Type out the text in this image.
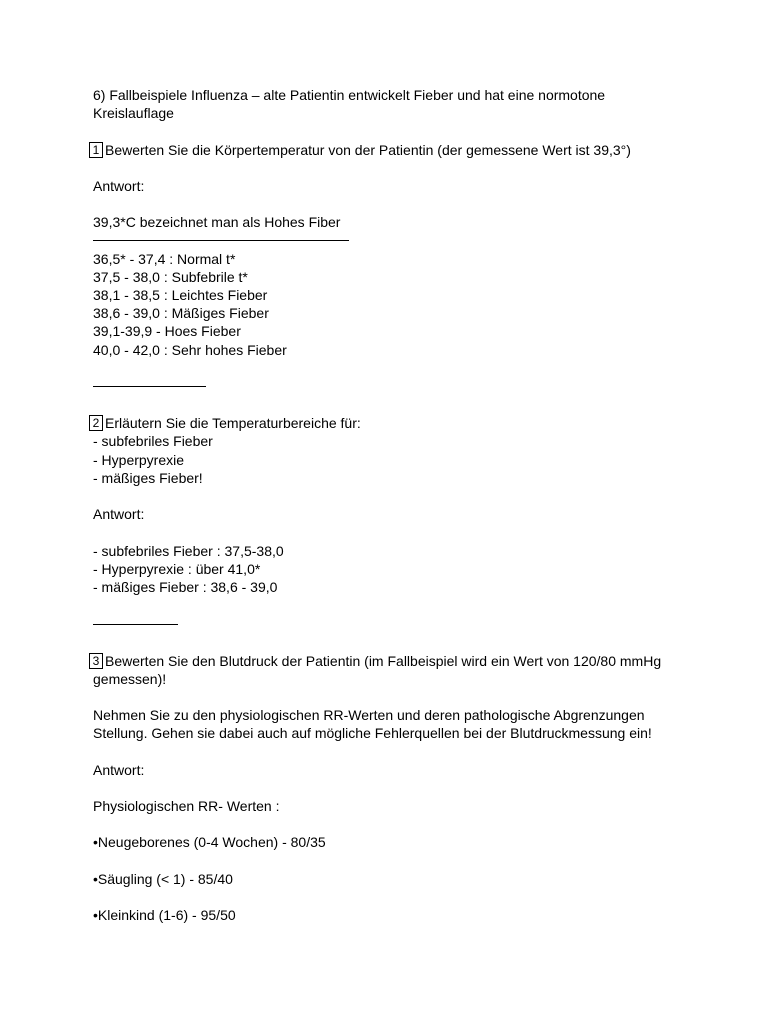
6) Fallbeispiele Influenza – alte Patientin entwickelt Fieber und hat eine normotone
Kreislauflage
1 Bewerten Sie die Körpertemperatur von der Patientin (der gemessene Wert ist 39,3°)
Antwort:
39,3*C bezeichnet man als Hohes Fiber
36,5* - 37,4 : Normal t*
37,5 - 38,0 : Subfebrile t*
38,1 - 38,5 : Leichtes Fieber
38,6 - 39,0 : Mäßiges Fieber
39,1-39,9 - Hoes Fieber
40,0 - 42,0 : Sehr hohes Fieber
2 Erläutern Sie die Temperaturbereiche für:
- subfebriles Fieber
- Hyperpyrexie
- mäßiges Fieber!
Antwort:
- subfebriles Fieber : 37,5-38,0
- Hyperpyrexie : über 41,0*
- mäßiges Fieber : 38,6 - 39,0
3 Bewerten Sie den Blutdruck der Patientin (im Fallbeispiel wird ein Wert von 120/80 mmHg
gemessen)!
Nehmen Sie zu den physiologischen RR-Werten und deren pathologische Abgrenzungen
Stellung. Gehen sie dabei auch auf mögliche Fehlerquellen bei der Blutdruckmessung ein!
Antwort:
Physiologischen RR- Werten :
•Neugeborenes (0-4 Wochen) - 80/35
•Säugling (< 1) - 85/40
•Kleinkind (1-6) - 95/50
